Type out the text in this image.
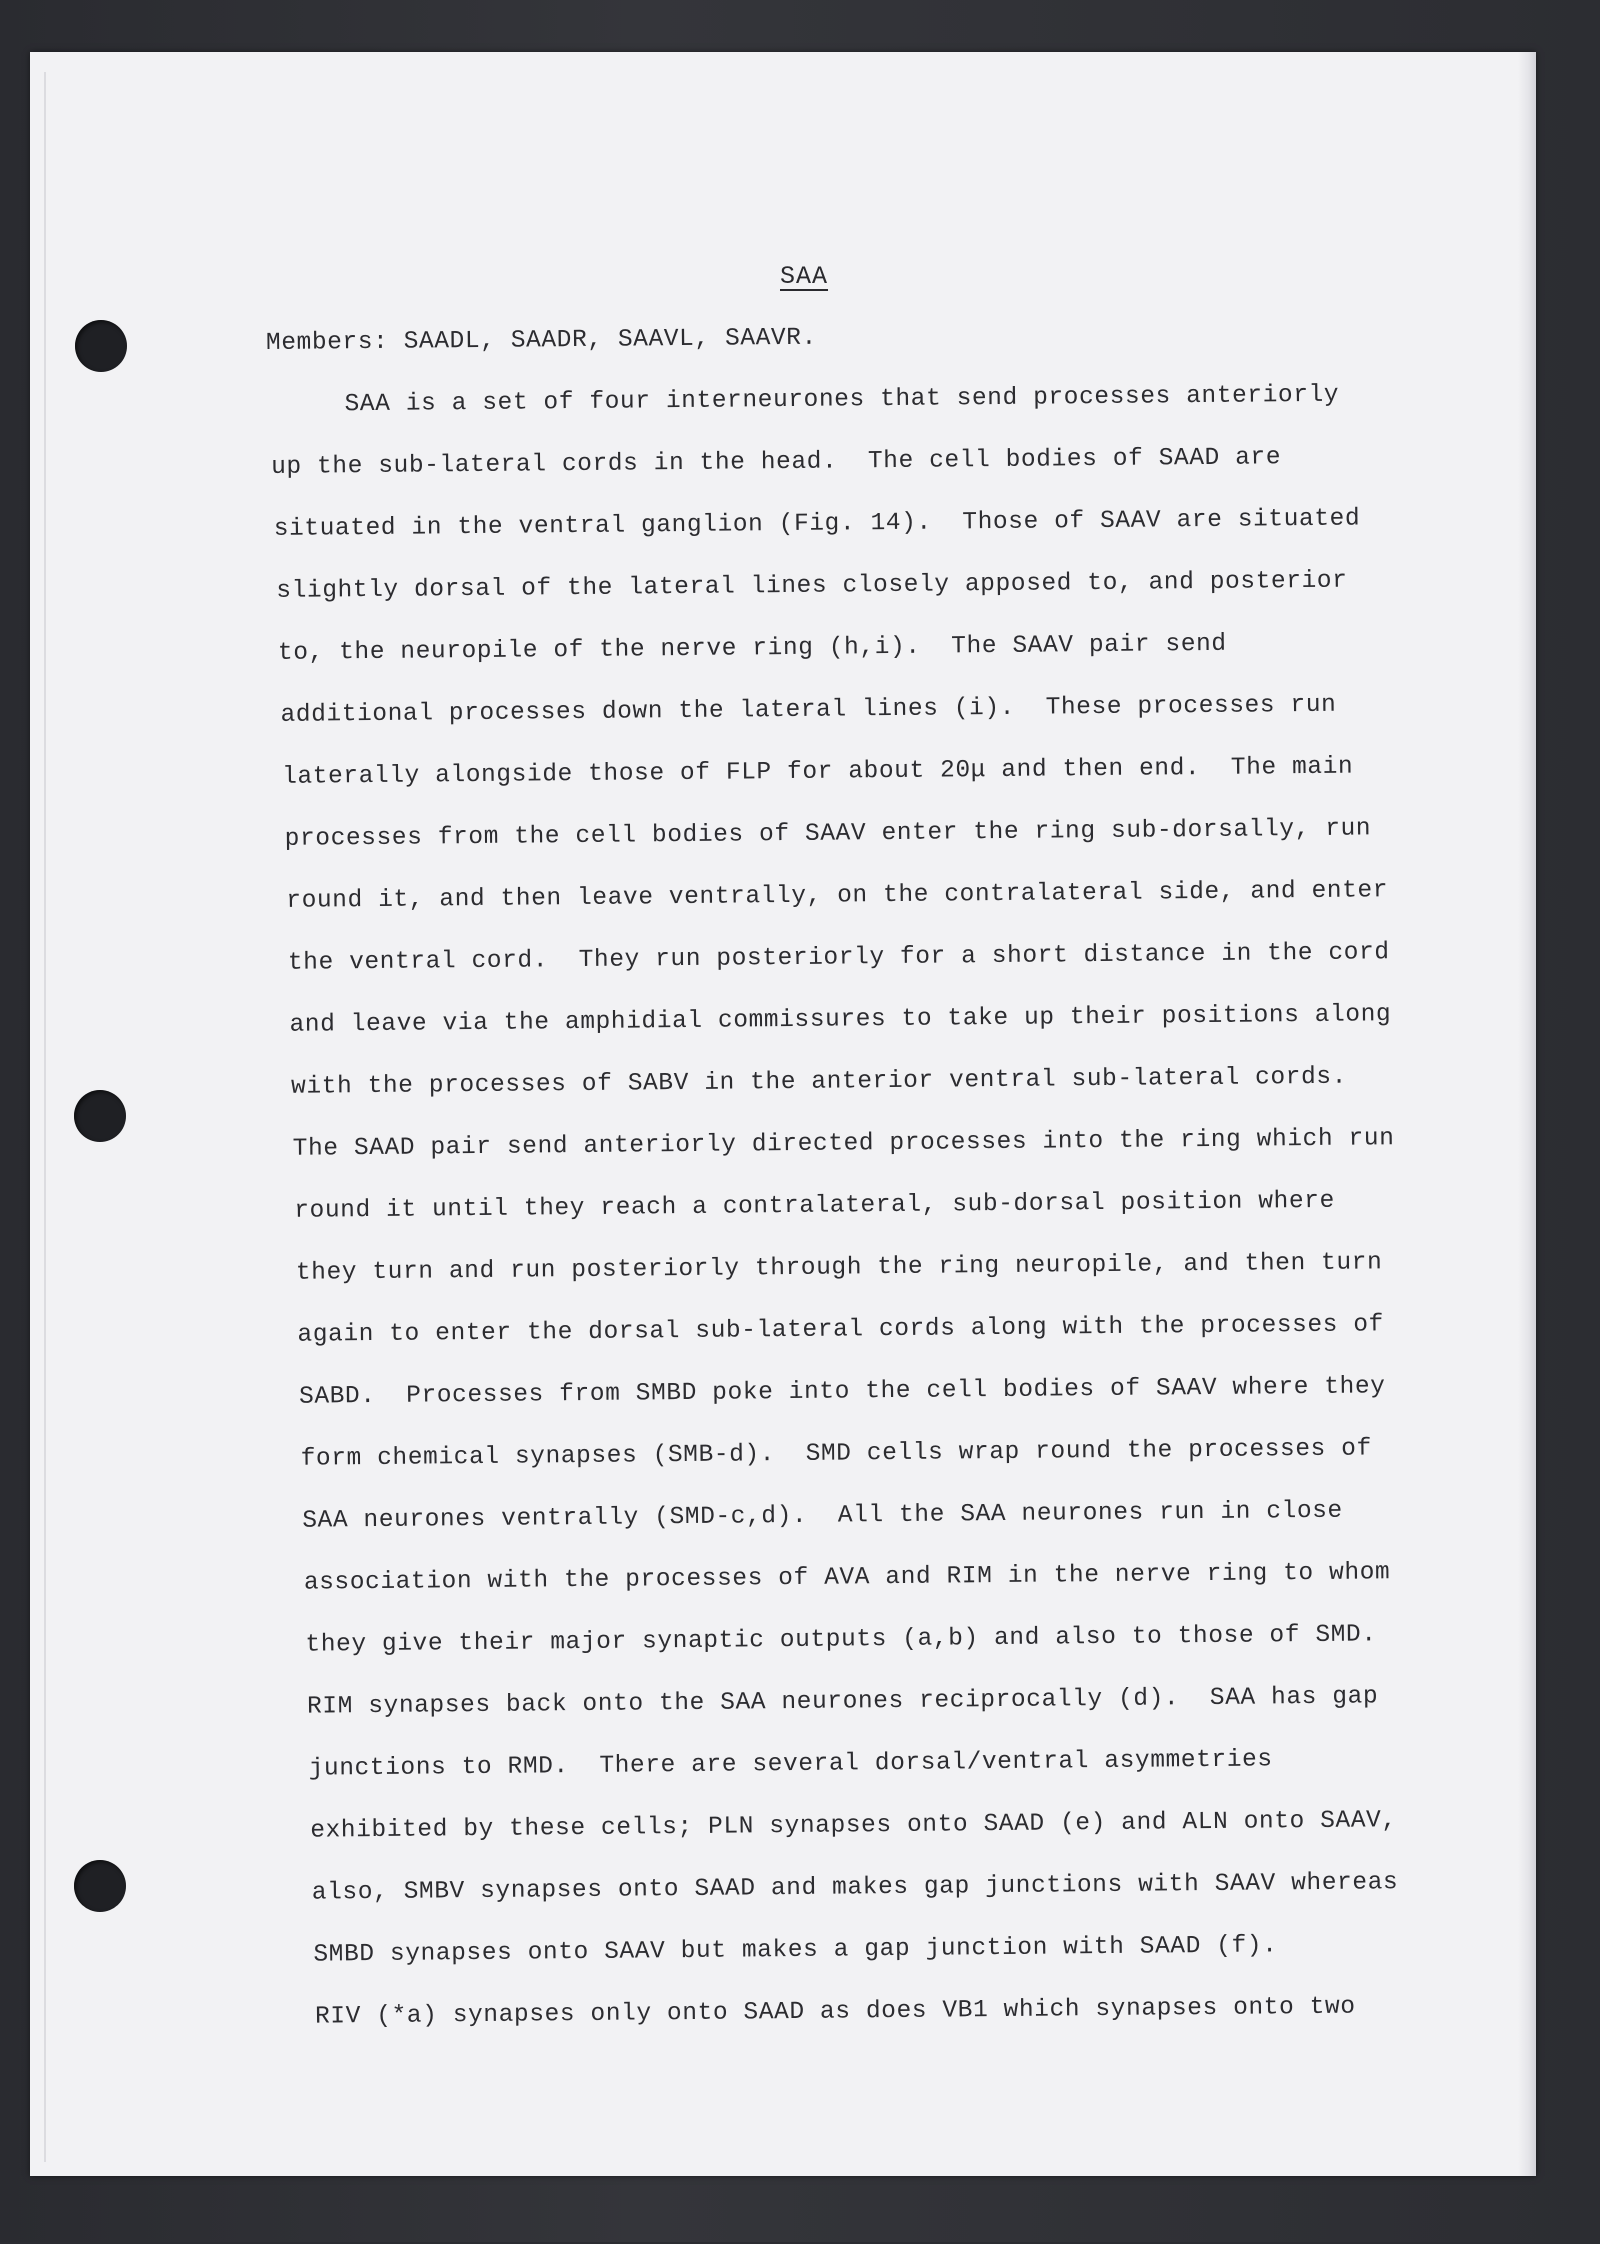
SAA
Members: SAADL, SAADR, SAAVL, SAAVR.
SAA is a set of four interneurones that send processes anteriorly
up the sub-lateral cords in the head.  The cell bodies of SAAD are
situated in the ventral ganglion (Fig. 14).  Those of SAAV are situated
slightly dorsal of the lateral lines closely apposed to, and posterior
to, the neuropile of the nerve ring (h,i).  The SAAV pair send
additional processes down the lateral lines (i).  These processes run
laterally alongside those of FLP for about 20μ and then end.  The main
processes from the cell bodies of SAAV enter the ring sub-dorsally, run
round it, and then leave ventrally, on the contralateral side, and enter
the ventral cord.  They run posteriorly for a short distance in the cord
and leave via the amphidial commissures to take up their positions along
with the processes of SABV in the anterior ventral sub-lateral cords.
The SAAD pair send anteriorly directed processes into the ring which run
round it until they reach a contralateral, sub-dorsal position where
they turn and run posteriorly through the ring neuropile, and then turn
again to enter the dorsal sub-lateral cords along with the processes of
SABD.  Processes from SMBD poke into the cell bodies of SAAV where they
form chemical synapses (SMB-d).  SMD cells wrap round the processes of
SAA neurones ventrally (SMD-c,d).  All the SAA neurones run in close
association with the processes of AVA and RIM in the nerve ring to whom
they give their major synaptic outputs (a,b) and also to those of SMD.
RIM synapses back onto the SAA neurones reciprocally (d).  SAA has gap
junctions to RMD.  There are several dorsal/ventral asymmetries
exhibited by these cells; PLN synapses onto SAAD (e) and ALN onto SAAV,
also, SMBV synapses onto SAAD and makes gap junctions with SAAV whereas
SMBD synapses onto SAAV but makes a gap junction with SAAD (f).
RIV (*a) synapses only onto SAAD as does VB1 which synapses onto two
